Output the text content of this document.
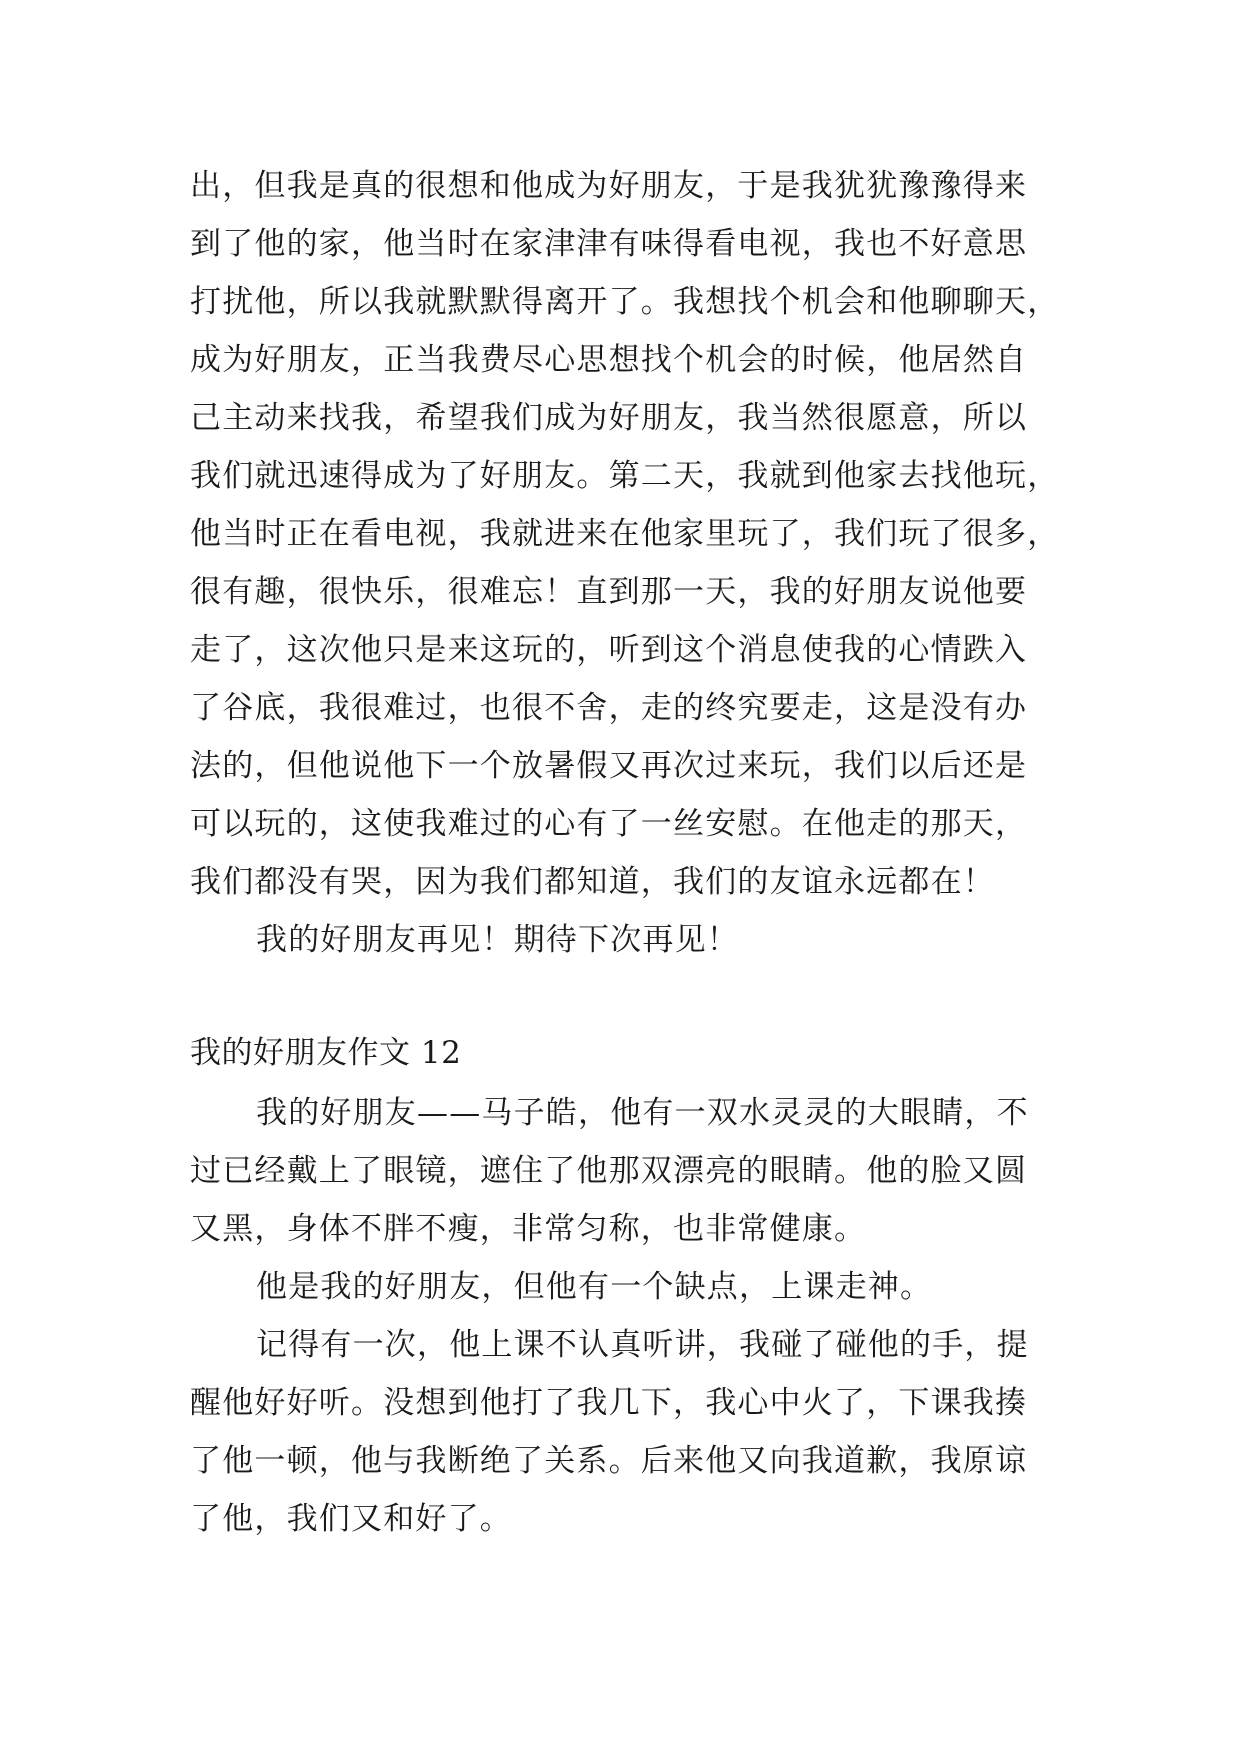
出，但我是真的很想和他成为好朋友，于是我犹犹豫豫得来
到了他的家，他当时在家津津有味得看电视，我也不好意思
打扰他，所以我就默默得离开了。我想找个机会和他聊聊天，
成为好朋友，正当我费尽心思想找个机会的时候，他居然自
己主动来找我，希望我们成为好朋友，我当然很愿意，所以
我们就迅速得成为了好朋友。第二天，我就到他家去找他玩，
他当时正在看电视，我就进来在他家里玩了，我们玩了很多，
很有趣，很快乐，很难忘！直到那一天，我的好朋友说他要
走了，这次他只是来这玩的，听到这个消息使我的心情跌入
了谷底，我很难过，也很不舍，走的终究要走，这是没有办
法的，但他说他下一个放暑假又再次过来玩，我们以后还是
可以玩的，这使我难过的心有了一丝安慰。在他走的那天，
我们都没有哭，因为我们都知道，我们的友谊永远都在！
我的好朋友再见！期待下次再见！
我的好朋友作文 12
我的好朋友——马子皓，他有一双水灵灵的大眼睛，不
过已经戴上了眼镜，遮住了他那双漂亮的眼睛。他的脸又圆
又黑，身体不胖不瘦，非常匀称，也非常健康。
他是我的好朋友，但他有一个缺点，上课走神。
记得有一次，他上课不认真听讲，我碰了碰他的手，提
醒他好好听。没想到他打了我几下，我心中火了，下课我揍
了他一顿，他与我断绝了关系。后来他又向我道歉，我原谅
了他，我们又和好了。
